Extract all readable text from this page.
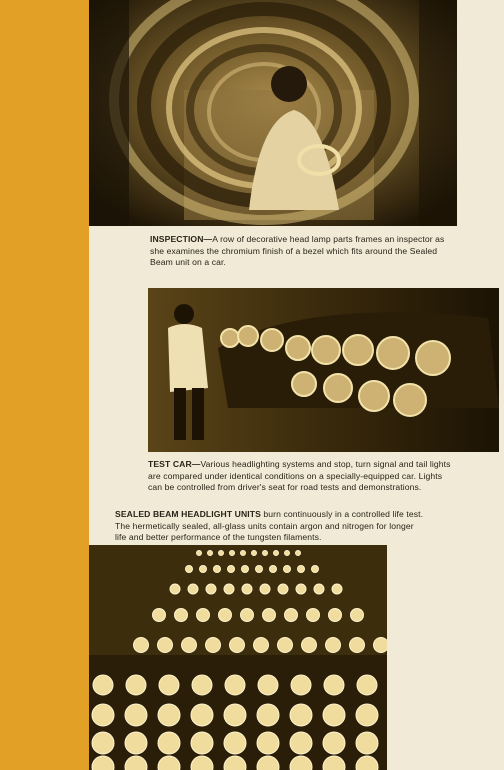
INSPECTION—A row of decorative head lamp parts frames an inspector as she examines the chromium finish of a bezel which fits around the Sealed Beam unit on a car.

TEST CAR—Various headlighting systems and stop, turn signal and tail lights are compared under identical conditions on a specially-equipped car. Lights can be controlled from driver's seat for road tests and demonstrations.

SEALED BEAM HEADLIGHT UNITS burn continuously in a controlled life test. The hermetically sealed, all-glass units contain argon and nitrogen for longer life and better performance of the tungsten filaments.
